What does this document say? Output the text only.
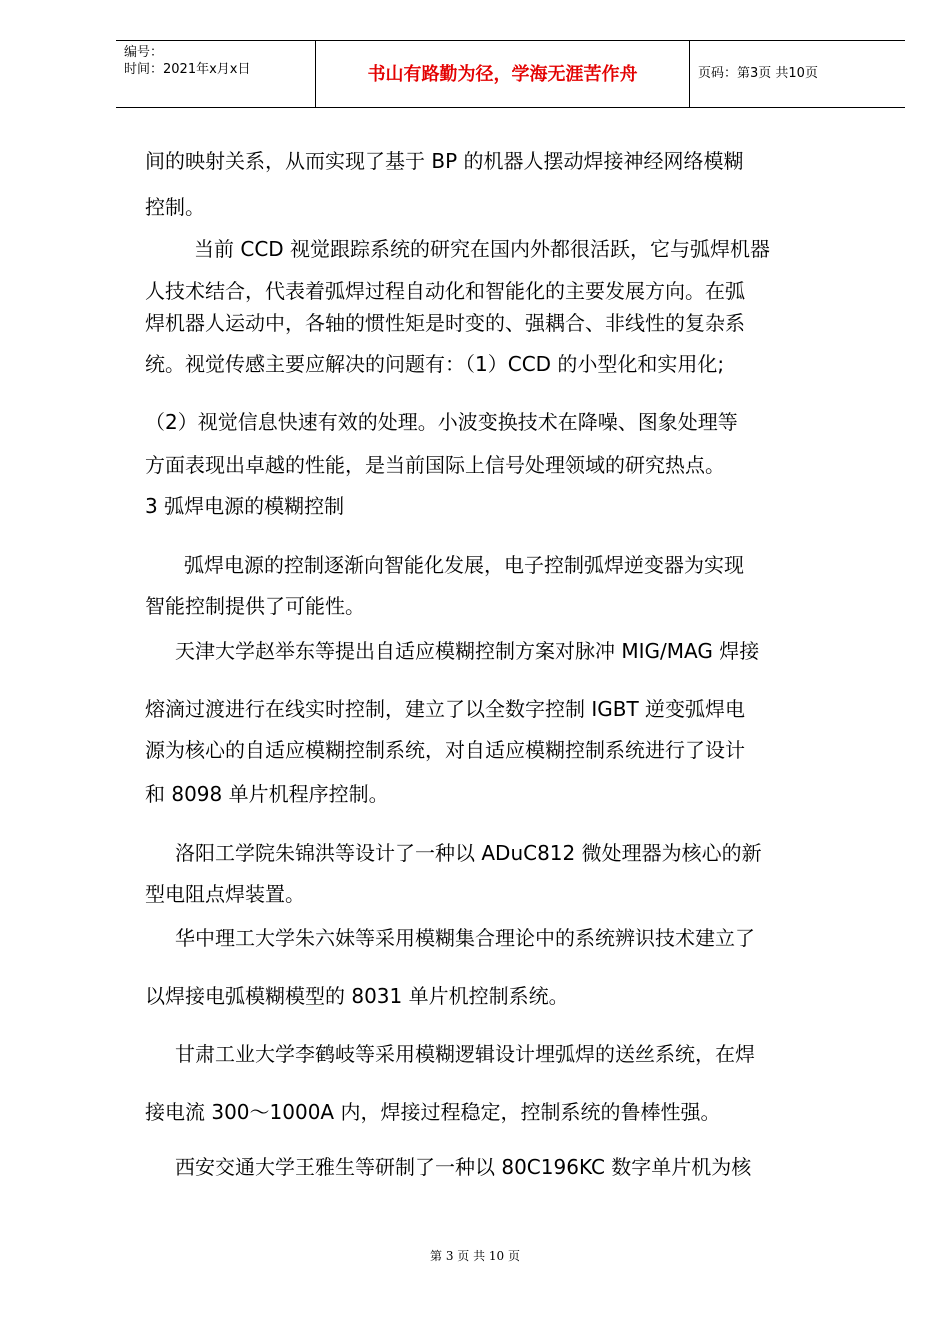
编号：
时间：2021年x月x日	书山有路勤为径，学海无涯苦作舟	页码：第3页 共10页
间的映射关系，从而实现了基于 BP 的机器人摆动焊接神经网络模糊
控制。
当前 CCD 视觉跟踪系统的研究在国内外都很活跃，它与弧焊机器
人技术结合，代表着弧焊过程自动化和智能化的主要发展方向。在弧
焊机器人运动中，各轴的惯性矩是时变的、强耦合、非线性的复杂系
统。视觉传感主要应解决的问题有：（1）CCD 的小型化和实用化;
（2）视觉信息快速有效的处理。小波变换技术在降噪、图象处理等
方面表现出卓越的性能，是当前国际上信号处理领域的研究热点。
3 弧焊电源的模糊控制
弧焊电源的控制逐渐向智能化发展，电子控制弧焊逆变器为实现
智能控制提供了可能性。
天津大学赵举东等提出自适应模糊控制方案对脉冲 MIG/MAG 焊接
熔滴过渡进行在线实时控制，建立了以全数字控制 IGBT 逆变弧焊电
源为核心的自适应模糊控制系统，对自适应模糊控制系统进行了设计
和 8098 单片机程序控制。
洛阳工学院朱锦洪等设计了一种以 ADuC812 微处理器为核心的新
型电阻点焊装置。
华中理工大学朱六妹等采用模糊集合理论中的系统辨识技术建立了
以焊接电弧模糊模型的 8031 单片机控制系统。
甘肃工业大学李鹤岐等采用模糊逻辑设计埋弧焊的送丝系统，在焊
接电流 300～1000A 内，焊接过程稳定，控制系统的鲁棒性强。
西安交通大学王雅生等研制了一种以 80C196KC 数字单片机为核
第 3 页 共 10 页
